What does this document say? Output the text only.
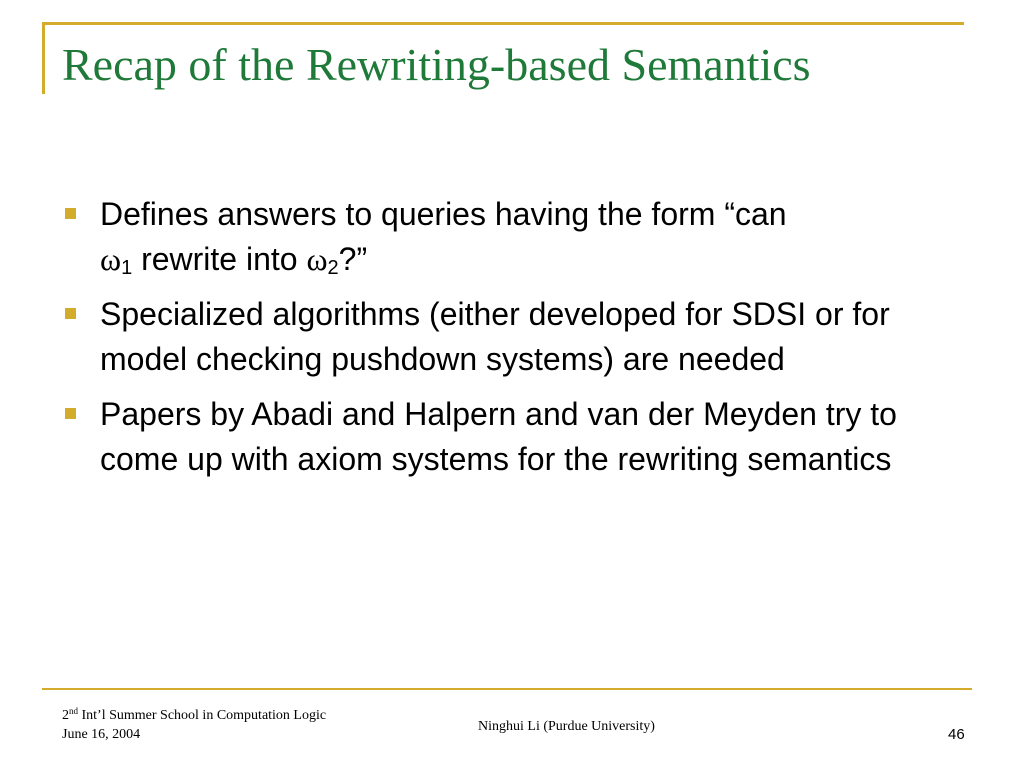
Recap of the Rewriting-based Semantics
Defines answers to queries having the form “can
$\omega_1$ rewrite into $\omega_2$?”
Specialized algorithms (either developed for SDSI or for model checking pushdown systems) are needed
Papers by Abadi and Halpern and van der Meyden try to come up with axiom systems for the rewriting semantics
2nd Int’l Summer School in Computation Logic
June 16, 2004
Ninghui Li (Purdue University)	46
